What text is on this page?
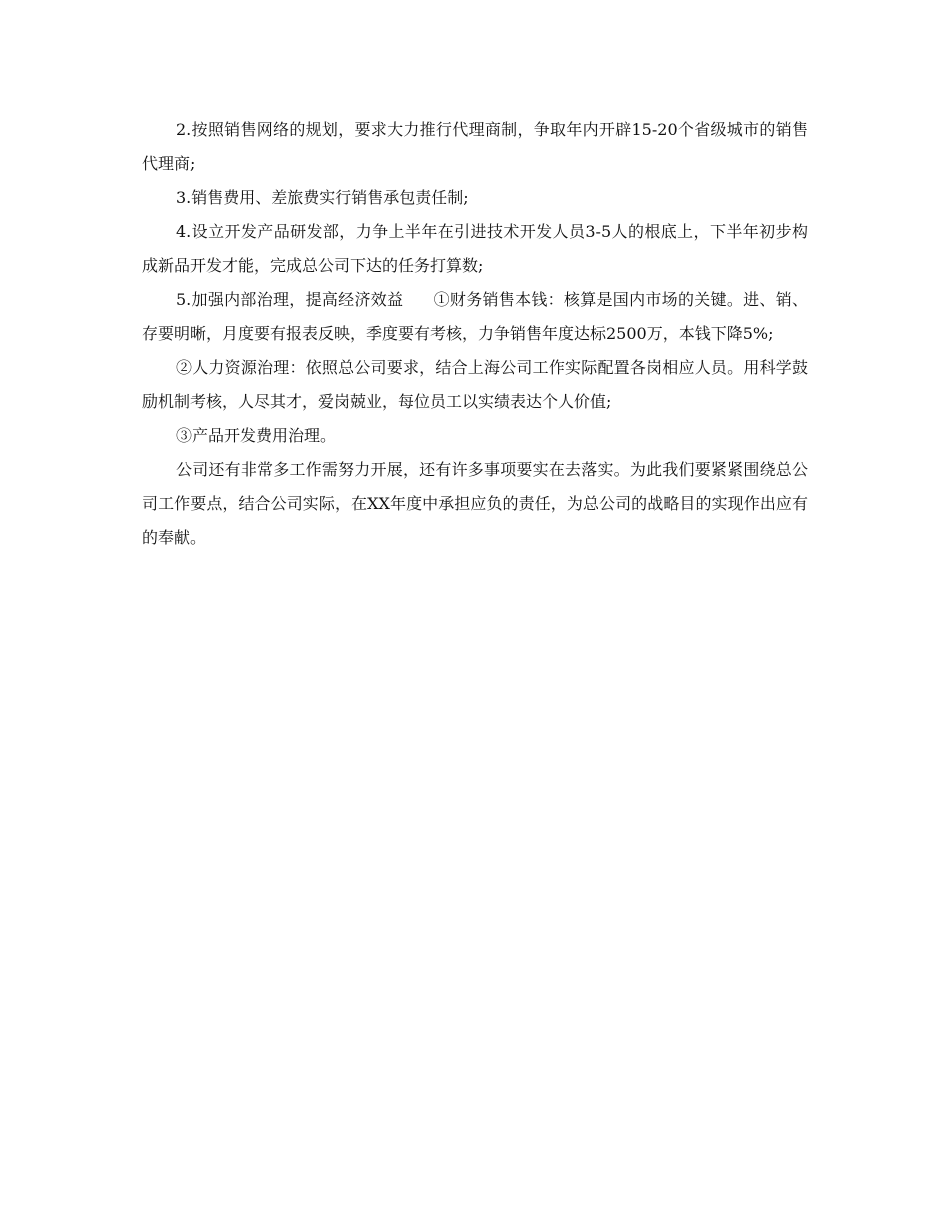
2.按照销售网络的规划，要求大力推行代理商制，争取年内开辟15-20个省级城市的销售代理商;

3.销售费用、差旅费实行销售承包责任制;

4.设立开发产品研发部，力争上半年在引进技术开发人员3-5人的根底上，下半年初步构成新品开发才能，完成总公司下达的任务打算数;

5.加强内部治理，提高经济效益 ①财务销售本钱：核算是国内市场的关键。进、销、存要明晰，月度要有报表反映，季度要有考核，力争销售年度达标2500万，本钱下降5%;

②人力资源治理：依照总公司要求，结合上海公司工作实际配置各岗相应人员。用科学鼓励机制考核，人尽其才，爱岗兢业，每位员工以实绩表达个人价值;

③产品开发费用治理。

公司还有非常多工作需努力开展，还有许多事项要实在去落实。为此我们要紧紧围绕总公司工作要点，结合公司实际，在XX年度中承担应负的责任，为总公司的战略目的实现作出应有的奉献。
